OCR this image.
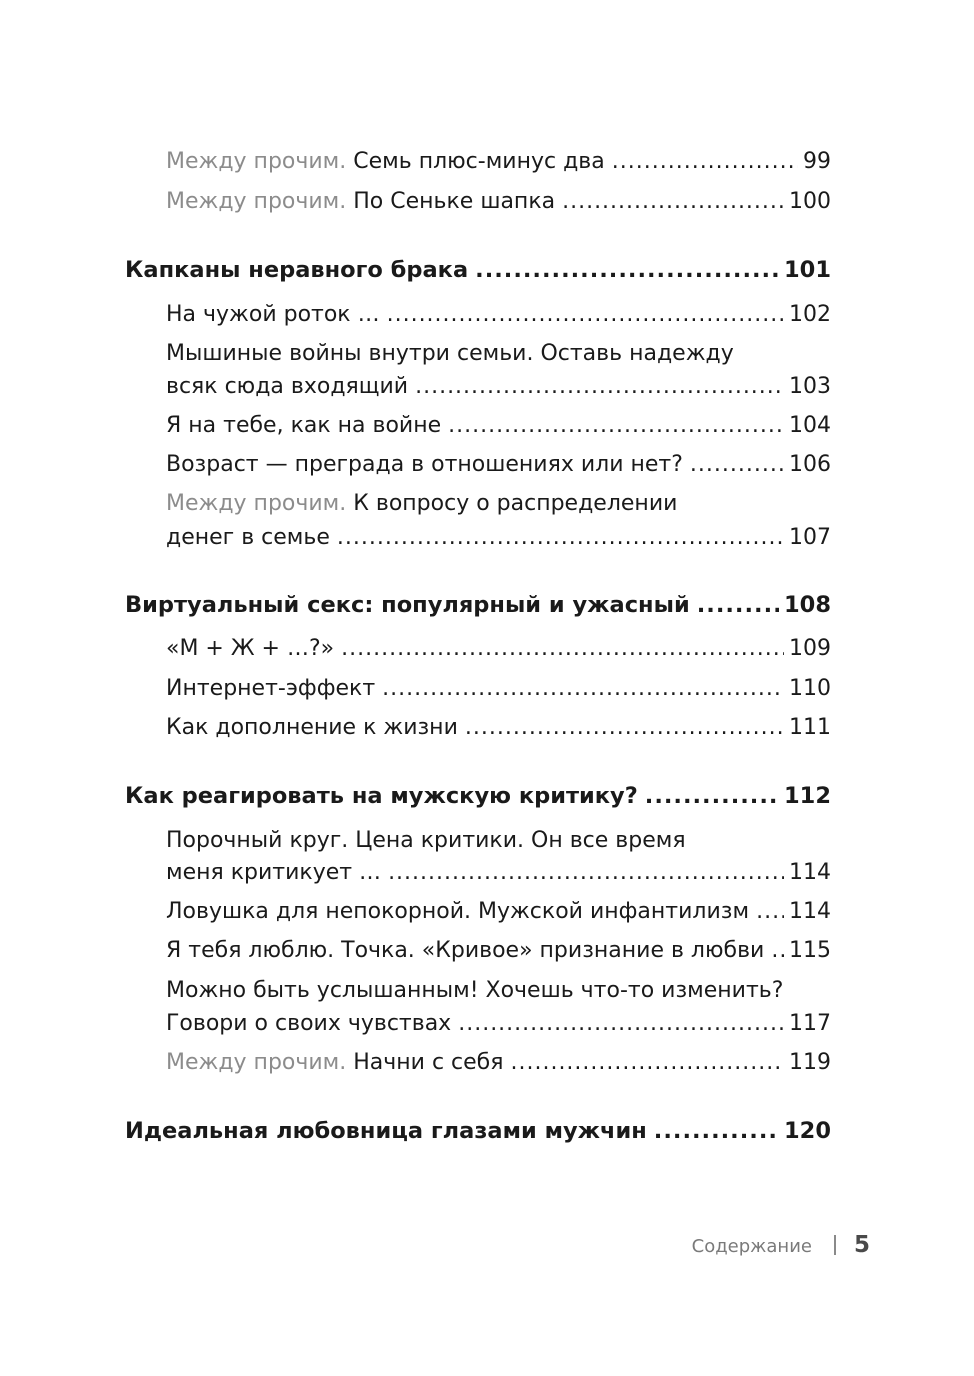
Между прочим. Семь плюс-минус два .....	99
Между прочим. По Сеньке шапка .....	100
Капканы неравного брака .....	101
На чужой роток … .....	102
Мышиные войны внутри семьи. Оставь надежду
всяк сюда входящий .....	103
Я на тебе, как на войне .....	104
Возраст — преграда в отношениях или нет? .....	106
Между прочим. К вопросу о распределении
денег в семье .....	107
Виртуальный секс: популярный и ужасный .....	108
«М + Ж + …?» .....	109
Интернет-эффект .....	110
Как дополнение к жизни .....	111
Как реагировать на мужскую критику? .....	112
Порочный круг. Цена критики. Он все время
меня критикует … .....	114
Ловушка для непокорной. Мужской инфантилизм ..... 114
Я тебя люблю. Точка. «Кривое» признание в любви ..... 115
Можно быть услышанным! Хочешь что-то изменить?
Говори о своих чувствах .....	117
Между прочим. Начни с себя .....	119
Идеальная любовница глазами мужчин .....	120
Содержание 5
